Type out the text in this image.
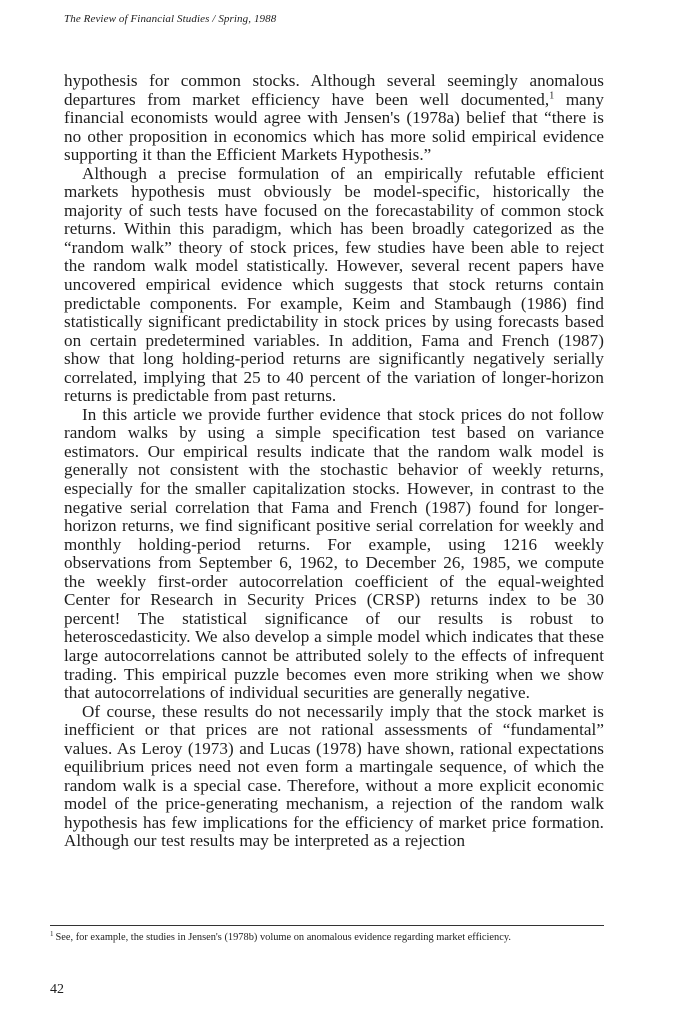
The Review of Financial Studies / Spring, 1988

hypothesis for common stocks. Although several seemingly anomalous departures from market efficiency have been well documented,$^1$ many financial economists would agree with Jensen's (1978a) belief that “there is no other proposition in economics which has more solid empirical evidence supporting it than the Efficient Markets Hypothesis.”

Although a precise formulation of an empirically refutable efficient markets hypothesis must obviously be model-specific, historically the majority of such tests have focused on the forecastability of common stock returns. Within this paradigm, which has been broadly categorized as the “random walk” theory of stock prices, few studies have been able to reject the random walk model statistically. However, several recent papers have uncovered empirical evidence which suggests that stock returns contain predictable components. For example, Keim and Stambaugh (1986) find statistically significant predictability in stock prices by using forecasts based on certain predetermined variables. In addition, Fama and French (1987) show that long holding-period returns are significantly negatively serially correlated, implying that 25 to 40 percent of the variation of longer-horizon returns is predictable from past returns.

In this article we provide further evidence that stock prices do not follow random walks by using a simple specification test based on variance estimators. Our empirical results indicate that the random walk model is generally not consistent with the stochastic behavior of weekly returns, especially for the smaller capitalization stocks. However, in contrast to the negative serial correlation that Fama and French (1987) found for longer-horizon returns, we find significant positive serial correlation for weekly and monthly holding-period returns. For example, using 1216 weekly observations from September 6, 1962, to December 26, 1985, we compute the weekly first-order autocorrelation coefficient of the equal-weighted Center for Research in Security Prices (CRSP) returns index to be 30 percent! The statistical significance of our results is robust to heteroscedasticity. We also develop a simple model which indicates that these large autocorrelations cannot be attributed solely to the effects of infrequent trading. This empirical puzzle becomes even more striking when we show that autocorrelations of individual securities are generally negative.

Of course, these results do not necessarily imply that the stock market is inefficient or that prices are not rational assessments of “fundamental” values. As Leroy (1973) and Lucas (1978) have shown, rational expectations equilibrium prices need not even form a martingale sequence, of which the random walk is a special case. Therefore, without a more explicit economic model of the price-generating mechanism, a rejection of the random walk hypothesis has few implications for the efficiency of market price formation. Although our test results may be interpreted as a rejection

$^1$ See, for example, the studies in Jensen's (1978b) volume on anomalous evidence regarding market efficiency.
42
